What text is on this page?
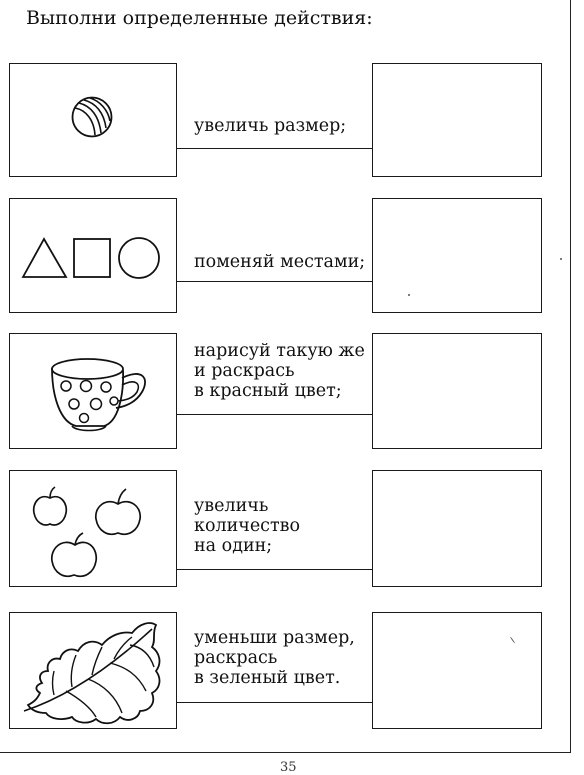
Выполни определенные действия:
увеличь размер;
поменяй местами;
нарисуй такую же
и раскрась
в красный цвет;
увеличь
количество
на один;
уменьши размер,
раскрась
в зеленый цвет.
35
